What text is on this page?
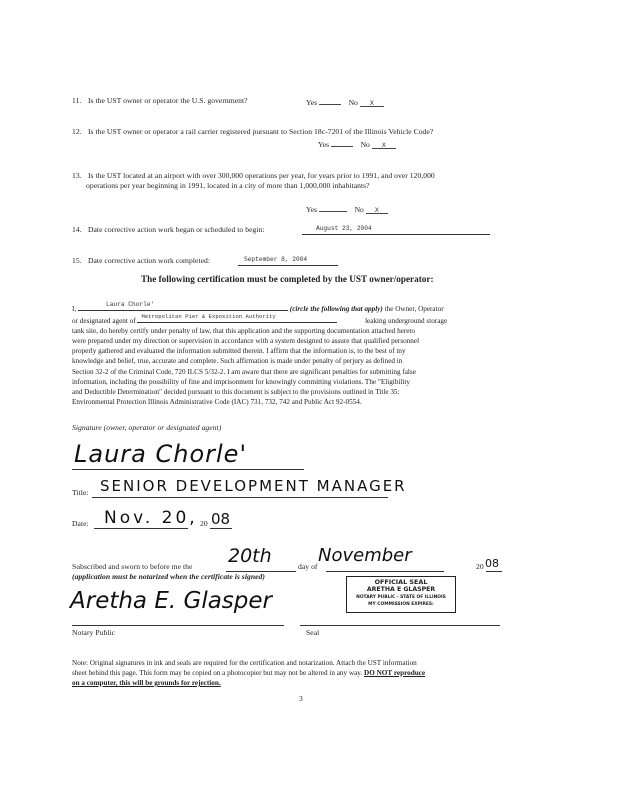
11. Is the UST owner or operator the U.S. government?	Yes	No X
12. Is the UST owner or operator a rail carrier registered pursuant to Section 18c-7201 of the Illinois Vehicle Code?
Yes	No X
13. Is the UST located at an airport with over 300,000 operations per year, for years prior to 1991, and over 120,000
operations per year beginning in 1991, located in a city of more than 1,000,000 inhabitants?
Yes	No X
14. Date corrective action work began or scheduled to begin:	August 23, 2004
15. Date corrective action work completed:	September 8, 2004
The following certification must be completed by the UST owner/operator:
I,
Laura Chorle'
(circle the following that apply) the Owner, Operator
or designated agent of
Metropolitan Pier & Exposition Authority
leaking underground storage
tank site, do hereby certify under penalty of law, that this application and the supporting documentation attached hereto
were prepared under my direction or supervision in accordance with a system designed to assure that qualified personnel
properly gathered and evaluated the information submitted therein. I affirm that the information is, to the best of my
knowledge and belief, true, accurate and complete. Such affirmation is made under penalty of perjury as defined in
Section 32-2 of the Criminal Code, 720 ILCS 5/32-2. I am aware that there are significant penalties for submitting false
information, including the possibility of fine and imprisonment for knowingly committing violations. The "Eligibility
and Deductible Determination" decided pursuant to this document is subject to the provisions outlined in Title 35:
Environmental Protection Illinois Administrative Code (IAC) 731, 732, 742 and Public Act 92-0554.
Signature (owner, operator or designated agent)
Laura Chorle'
Title: SENIOR DEVELOPMENT MANAGER
Date: Nov. 20, 20 08
Subscribed and sworn to before me the 20th	day of
November
20 08
(application must be notarized when the certificate is signed)
Aretha E. Glasper
Notary Public	Seal
OFFICIAL SEAL
ARETHA E GLASPER
NOTARY PUBLIC - STATE OF ILLINOIS
MY COMMISSION EXPIRES:
Note: Original signatures in ink and seals are required for the certification and notarization. Attach the UST information
sheet behind this page. This form may be copied on a photocopier but may not be altered in any way. DO NOT reproduce
on a computer, this will be grounds for rejection.
3
